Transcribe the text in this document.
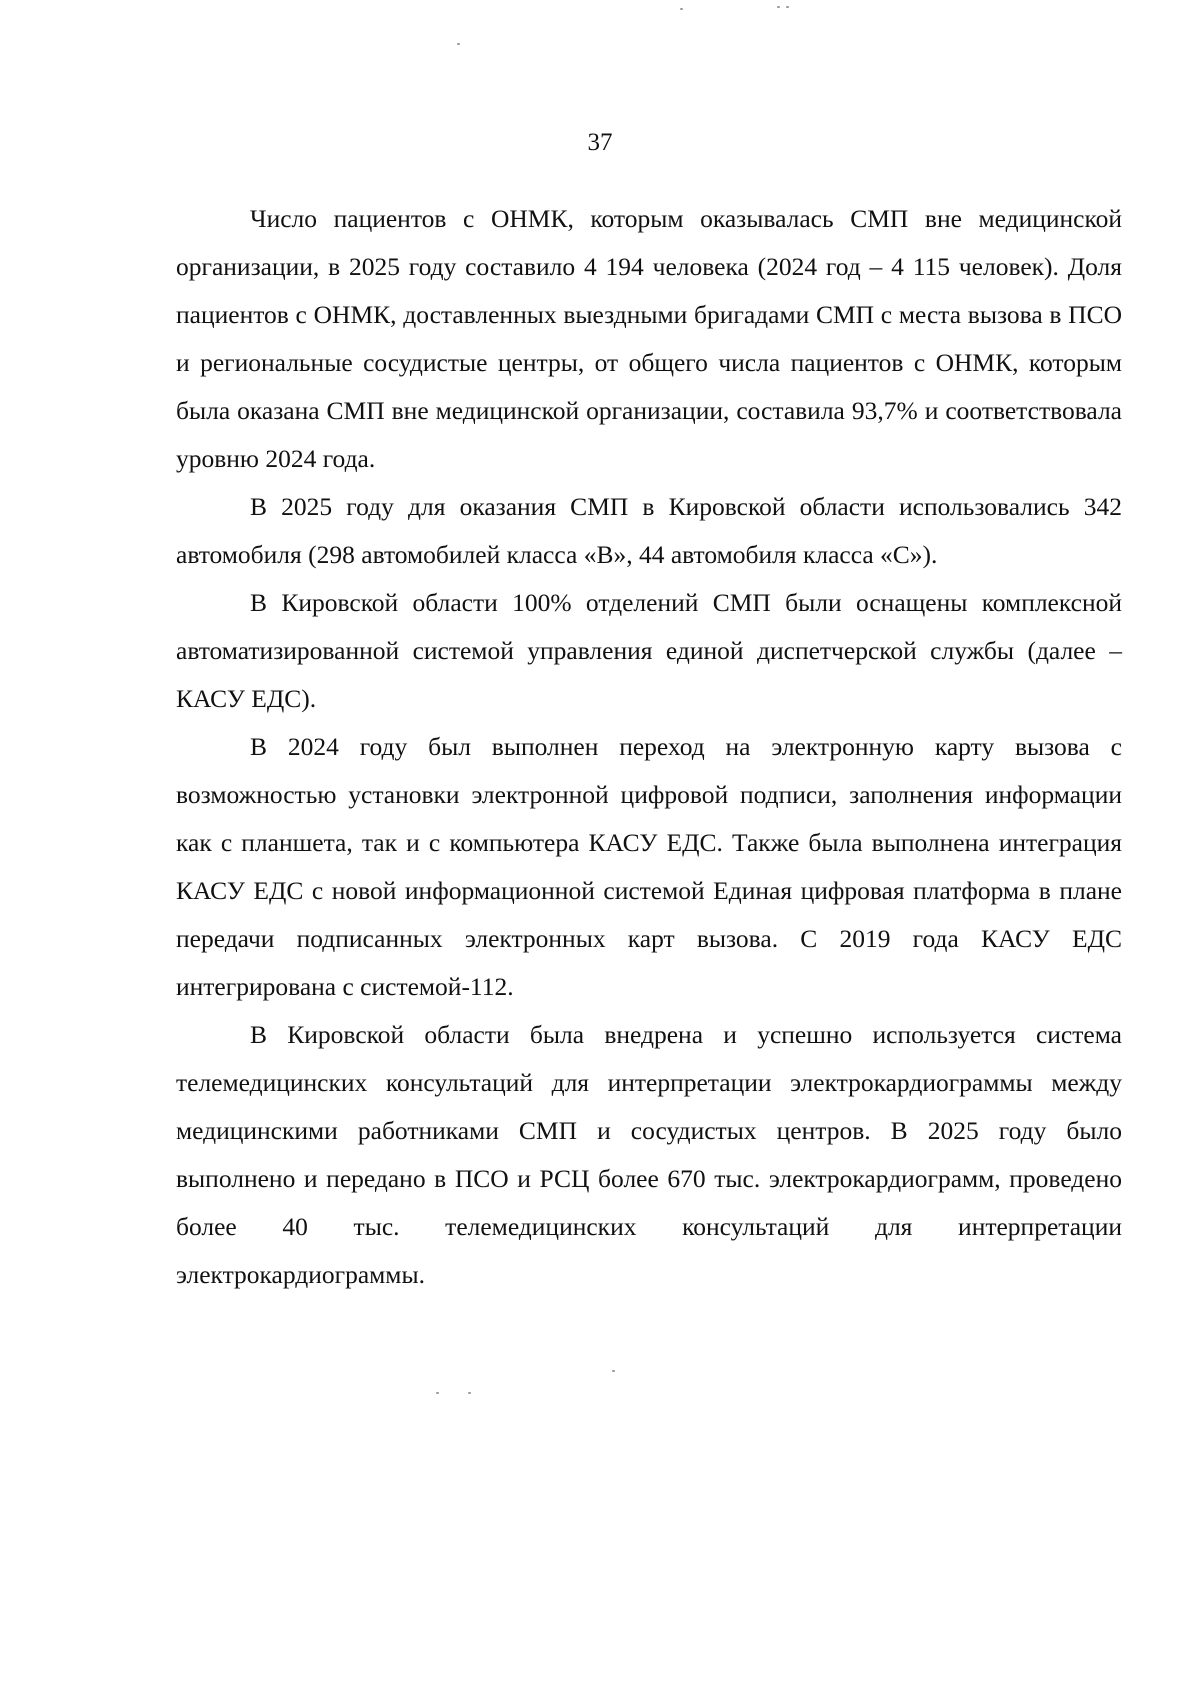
37

Число пациентов с ОНМК, которым оказывалась СМП вне медицинской организации, в 2025 году составило 4 194 человека (2024 год – 4 115 человек). Доля пациентов с ОНМК, доставленных выездными бригадами СМП с места вызова в ПСО и региональные сосудистые центры, от общего числа пациентов с ОНМК, которым была оказана СМП вне медицинской организации, составила 93,7% и соответствовала уровню 2024 года.

В 2025 году для оказания СМП в Кировской области использовались 342 автомобиля (298 автомобилей класса «В», 44 автомобиля класса «С»).

В Кировской области 100% отделений СМП были оснащены комплексной автоматизированной системой управления единой диспетчерской службы (далее – КАСУ ЕДС).

В 2024 году был выполнен переход на электронную карту вызова с возможностью установки электронной цифровой подписи, заполнения информации как с планшета, так и с компьютера КАСУ ЕДС. Также была выполнена интеграция КАСУ ЕДС с новой информационной системой Единая цифровая платформа в плане передачи подписанных электронных карт вызова. С 2019 года КАСУ ЕДС интегрирована с системой-112.

В Кировской области была внедрена и успешно используется система телемедицинских консультаций для интерпретации электрокардиограммы между медицинскими работниками СМП и сосудистых центров. В 2025 году было выполнено и передано в ПСО и РСЦ более 670 тыс. электрокардиограмм, проведено более 40 тыс. телемедицинских консультаций для интерпретации электрокардиограммы.
